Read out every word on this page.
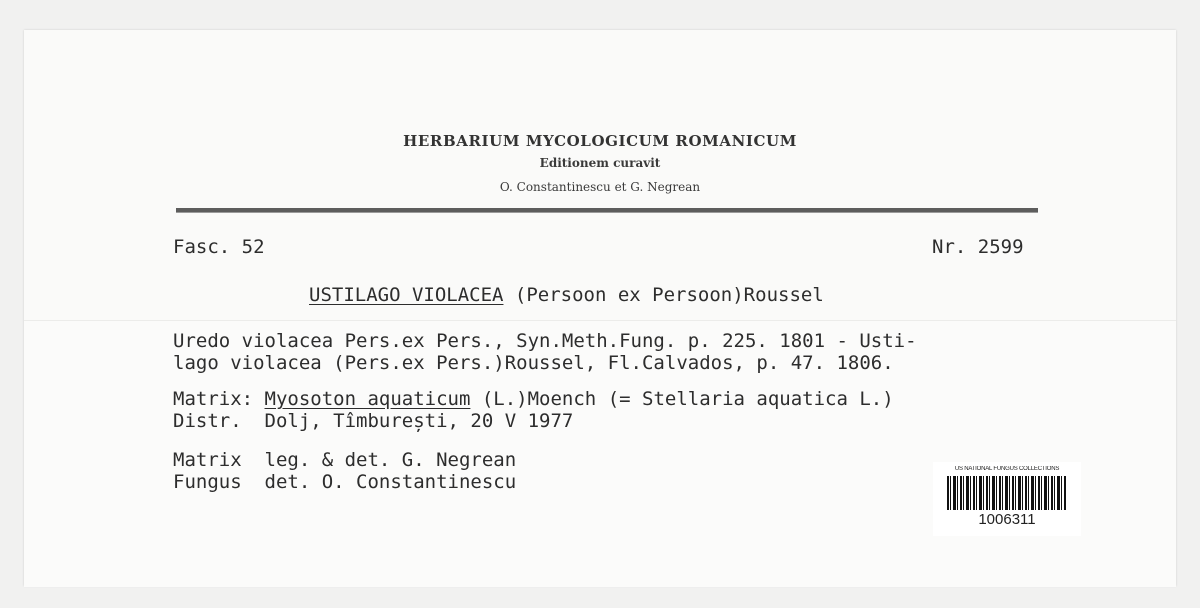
HERBARIUM MYCOLOGICUM ROMANICUM
Editionem curavit
O. Constantinescu et G. Negrean
Fasc. 52	Nr. 2599
USTILAGO VIOLACEA (Persoon ex Persoon)Roussel
Uredo violacea Pers.ex Pers., Syn.Meth.Fung. p. 225. 1801 - Usti-
lago violacea (Pers.ex Pers.)Roussel, Fl.Calvados, p. 47. 1806.
Matrix: Myosoton aquaticum (L.)Moench (= Stellaria aquatica L.)
Distr.  Dolj, Tîmburești, 20 V 1977
Matrix  leg. & det. G. Negrean
Fungus  det. O. Constantinescu
US NATIONAL FUNGUS COLLECTIONS
1006311
